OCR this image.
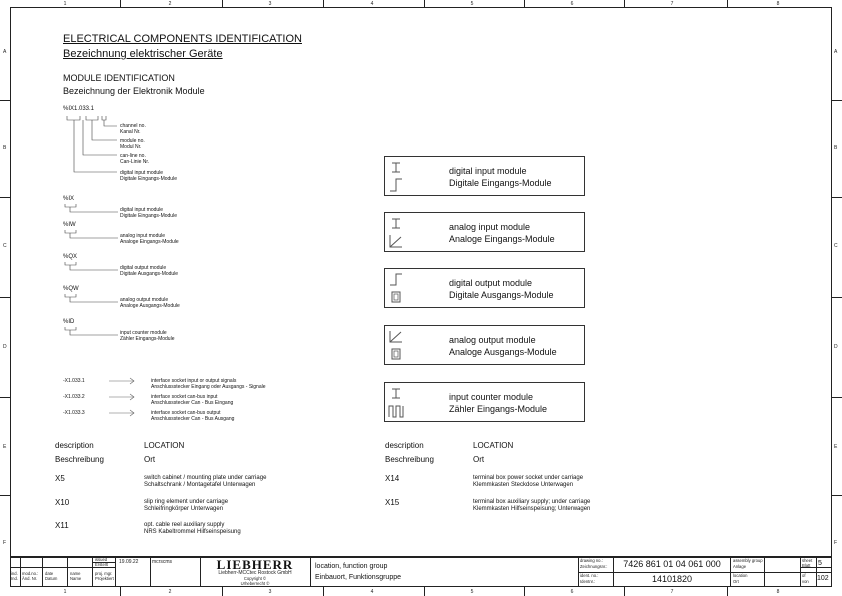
1
1
2
2
3
3
4
4
5
5
6
6
7
7
8
8
A	A
B	B
C	C
D	D
E	E
F	F
ELECTRICAL COMPONENTS IDENTIFICATION
Bezeichnung elektrischer Geräte
MODULE IDENTIFICATION
Bezeichnung der Elektronik Module
%IX1.033.1
channel no.
Kanal Nr.
module no.
Modul Nr.
can-line no.
Can-Linie Nr.
digital input module
Digitale Eingangs-Module
%IX
digital input module
Digitale Eingangs-Module
%IW
analog input module
Analoge Eingangs-Module
%QX
digital output module
Digitale Ausgangs-Module
%QW
analog output module
Analoge Ausgangs-Module
%ID
input counter module
Zähler Eingangs-Module
-X1.033.1	interface socket input or output signals
Anschlussstecker Eingang oder Ausgangs - Signale
-X1.033.2	interface socket can-bus input
Anschlussstecker Can - Bus Eingang
-X1.033.3	interface socket can-bus output
Anschlussstecker Can - Bus Ausgang
digital input module
Digitale Eingangs-Module
analog input module
Analoge Eingangs-Module
digital output module
Digitale Ausgangs-Module
analog output module
Analoge Ausgangs-Module
input counter module
Zähler Eingangs-Module
description
Beschreibung
LOCATION
Ort
description
Beschreibung
LOCATION
Ort
X5	switch cabinet / mounting plate under carriage
Schaltschrank / Montagetafel Unterwagen
X10	slip ring element under carriage
Schleifringkörper Unterwagen
X11	opt. cable reel auxiliary supply
NRS Kabeltrommel Hilfseinspeisung
X14	terminal box power socket under carriage
Klemmkasten Steckdose Unterwagen
X15	terminal box auxiliary supply; under carriage
Klemmkasten Hilfseinspeisung; Unterwagen
issued
Erstellt
proj. mgr.
Projektiert
19.09.22	mcrscms
ind.
Ind.
mod.no.:
Änd. Nr.
date
Datum
name
Name
LIEBHERR
Liebherr-MCCtec Rostock GmbH
Copyright ©
Urheberrecht ©
location, function group
Einbauort, Funktionsgruppe
drawing no.:
Zeichnungsnr.:	7426 861 01 04 061 000
ident. no.:
Identnr.:	14101820
assembly group
Anlage
location
Ort
sheet
Blatt
of
von
5
102
